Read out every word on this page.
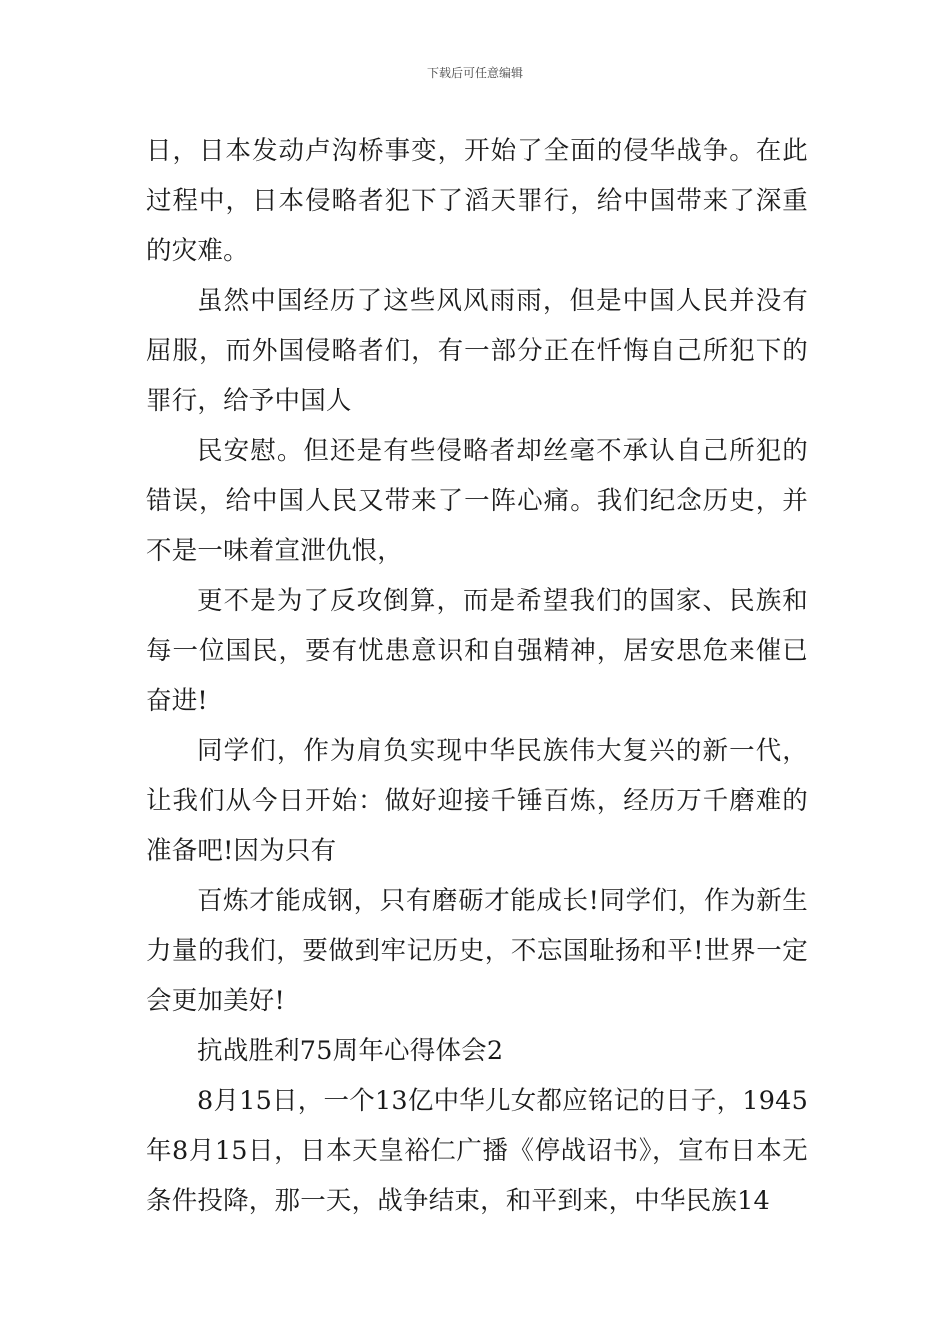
下载后可任意编辑

日，日本发动卢沟桥事变，开始了全面的侵华战争。在此过程中，日本侵略者犯下了滔天罪行，给中国带来了深重的灾难。

虽然中国经历了这些风风雨雨，但是中国人民并没有屈服，而外国侵略者们，有一部分正在忏悔自己所犯下的罪行，给予中国人

民安慰。但还是有些侵略者却丝毫不承认自己所犯的错误，给中国人民又带来了一阵心痛。我们纪念历史，并不是一味着宣泄仇恨，

更不是为了反攻倒算，而是希望我们的国家、民族和每一位国民，要有忧患意识和自强精神，居安思危来催已奋进!

同学们，作为肩负实现中华民族伟大复兴的新一代，让我们从今日开始：做好迎接千锤百炼，经历万千磨难的准备吧!因为只有

百炼才能成钢，只有磨砺才能成长!同学们，作为新生力量的我们，要做到牢记历史，不忘国耻扬和平!世界一定会更加美好!

抗战胜利75周年心得体会2

8月15日，一个13亿中华儿女都应铭记的日子，1945年8月15日，日本天皇裕仁广播《停战诏书》，宣布日本无条件投降，那一天，战争结束，和平到来，中华民族14
